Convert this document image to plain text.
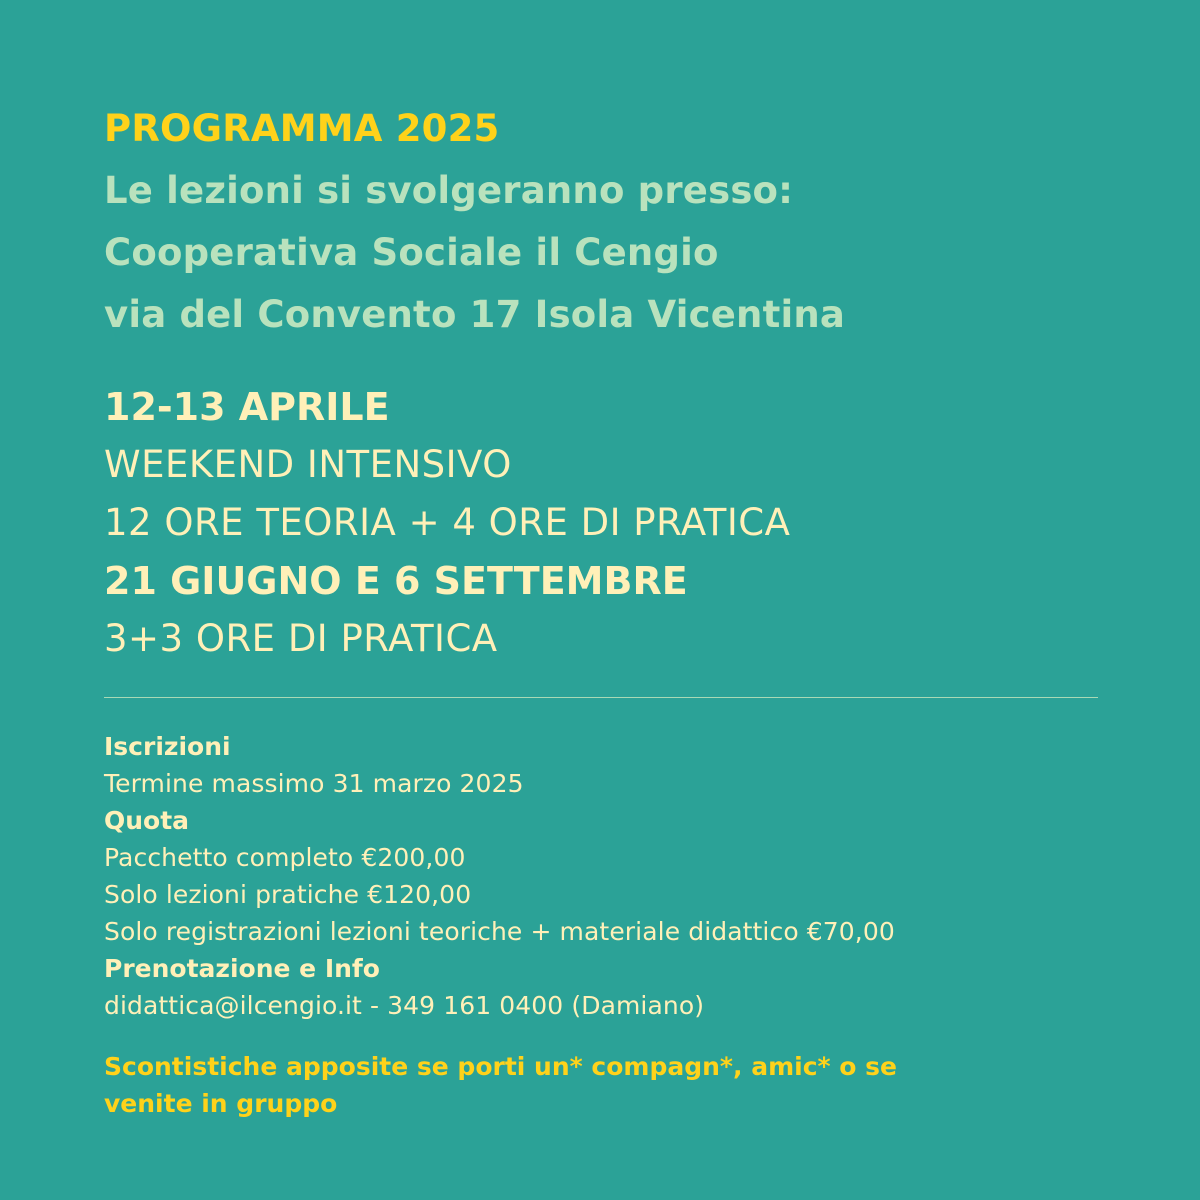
PROGRAMMA 2025
Le lezioni si svolgeranno presso:
Cooperativa Sociale il Cengio
via del Convento 17 Isola Vicentina
12-13 APRILE
WEEKEND INTENSIVO
12 ORE TEORIA + 4 ORE DI PRATICA
21 GIUGNO E 6 SETTEMBRE
3+3 ORE DI PRATICA
Iscrizioni
Termine massimo 31 marzo 2025
Quota
Pacchetto completo €200,00
Solo lezioni pratiche €120,00
Solo registrazioni lezioni teoriche + materiale didattico €70,00
Prenotazione e Info
didattica@ilcengio.it - 349 161 0400 (Damiano)
Scontistiche apposite se porti un* compagn*, amic* o se
venite in gruppo
